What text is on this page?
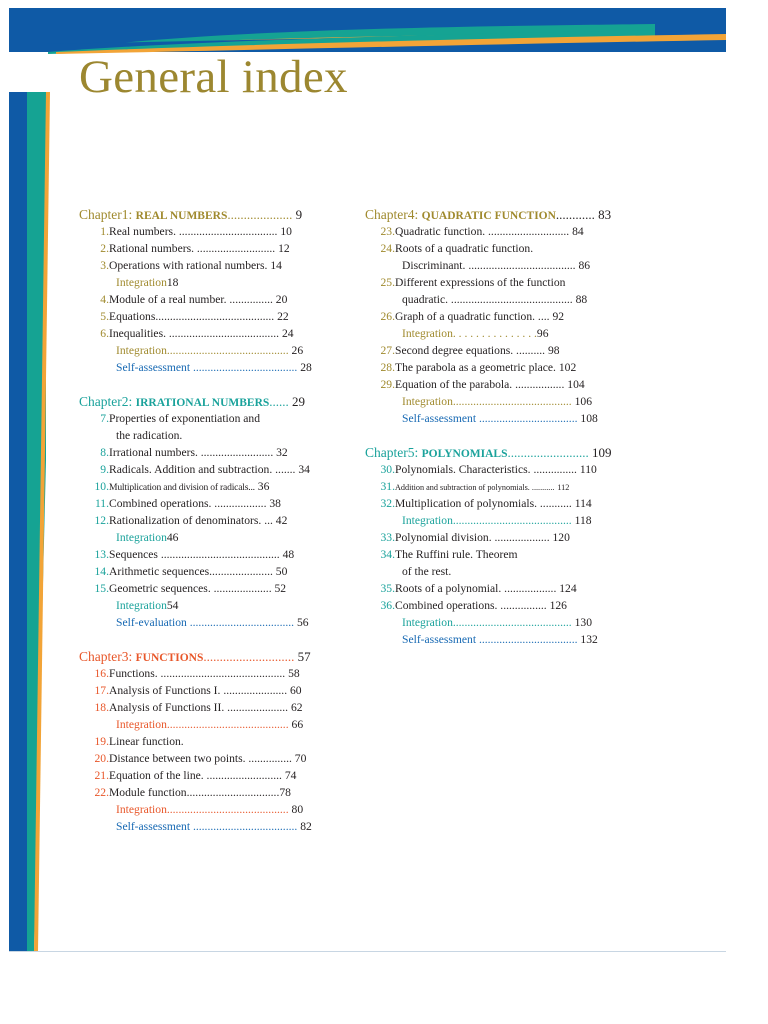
General index
Chapter1: REAL NUMBERS.................... 9
1.Real numbers. .................................. 10
2.Rational numbers. ........................... 12
3.Operations with rational numbers. 14
Integration18
4.Module of a real number. ............... 20
5.Equations......................................... 22
6.Inequalities. ...................................... 24
Integration.......................................... 26
Self-assessment .................................... 28
Chapter2: IRRATIONAL NUMBERS...... 29
7.Properties of exponentiation and
the radication.
8.Irrational numbers. ......................... 32
9.Radicals. Addition and subtraction. ....... 34
10.Multiplication and division of radicals... 36
11.Combined operations. .................. 38
12.Rationalization of denominators. ... 42
Integration46
13.Sequences ......................................... 48
14.Arithmetic sequences...................... 50
15.Geometric sequences. .................... 52
Integration54
Self-evaluation .................................... 56
Chapter3: FUNCTIONS............................ 57
16.Functions. ........................................... 58
17.Analysis of Functions I. ...................... 60
18.Analysis of Functions II. ..................... 62
Integration.......................................... 66
19.Linear function.
20.Distance between two points. ............... 70
21.Equation of the line. .......................... 74
22.Module function................................78
Integration.......................................... 80
Self-assessment .................................... 82
Chapter4: QUADRATIC FUNCTION............ 83
23.Quadratic function. ............................ 84
24.Roots of a quadratic function.
Discriminant. ..................................... 86
25.Different expressions of the function
quadratic. .......................................... 88
26.Graph of a quadratic function. .... 92
Integration. . . . . . . . . . . . . . .96
27.Second degree equations. .......... 98
28.The parabola as a geometric place. 102
29.Equation of the parabola. ................. 104
Integration......................................... 106
Self-assessment .................................. 108
Chapter5: POLYNOMIALS......................... 109
30.Polynomials. Characteristics. ............... 110
31.Addition and subtraction of polynomials. ........... 112
32.Multiplication of polynomials. ........... 114
Integration......................................... 118
33.Polynomial division. ................... 120
34.The Ruffini rule. Theorem
of the rest.
35.Roots of a polynomial. .................. 124
36.Combined operations. ................ 126
Integration......................................... 130
Self-assessment .................................. 132
